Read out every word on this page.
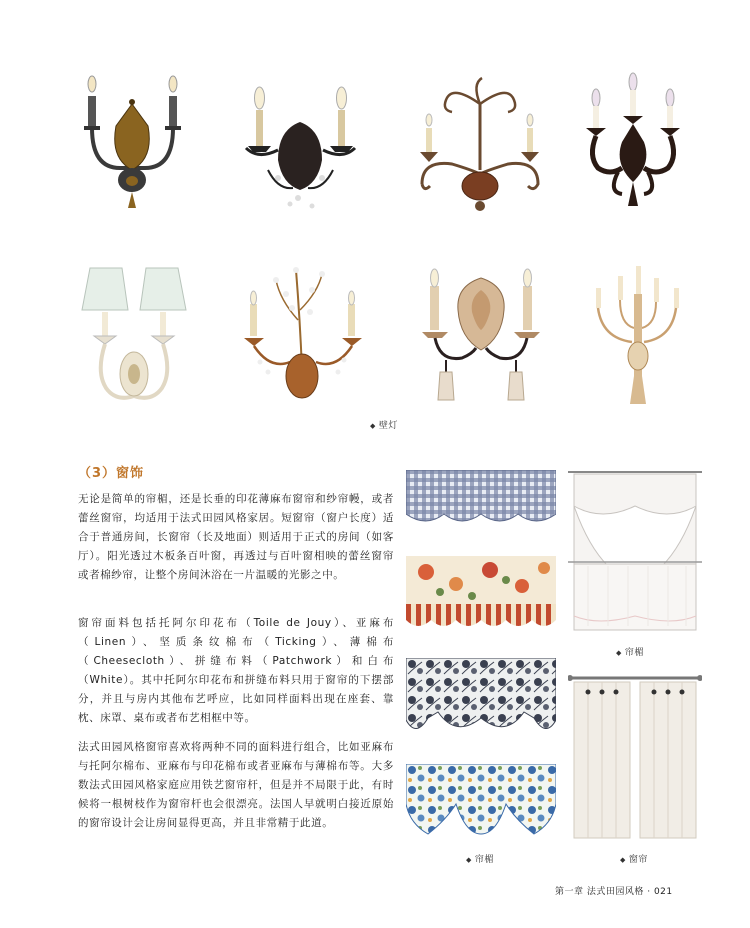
◆ 壁灯
（3）窗饰
无论是简单的帘楣，还是长垂的印花薄麻布窗帘和纱帘幔，或者蕾丝窗帘，均适用于法式田园风格家居。短窗帘（窗户长度）适合于普通房间，长窗帘（长及地面）则适用于正式的房间（如客厅）。阳光透过木板条百叶窗，再透过与百叶窗相映的蕾丝窗帘或者棉纱帘，让整个房间沐浴在一片温暖的光影之中。
窗帘面料包括托阿尔印花布（Toile de Jouy）、亚麻布（Linen）、坚质条纹棉布（Ticking）、薄棉布（Cheesecloth）、拼缝布料（Patchwork）和白布（White）。其中托阿尔印花布和拼缝布料只用于窗帘的下摆部分，并且与房内其他布艺呼应，比如同样面料出现在座套、靠枕、床罩、桌布或者布艺相框中等。
法式田园风格窗帘喜欢将两种不同的面料进行组合，比如亚麻布与托阿尔棉布、亚麻布与印花棉布或者亚麻布与薄棉布等。大多数法式田园风格家庭应用铁艺窗帘杆，但是并不局限于此，有时候将一根树枝作为窗帘杆也会很漂亮。法国人早就明白接近原始的窗帘设计会让房间显得更高，并且非常精于此道。
◆ 帘楣
◆ 帘楣
◆ 窗帘
第一章 法式田园风格 · 021
